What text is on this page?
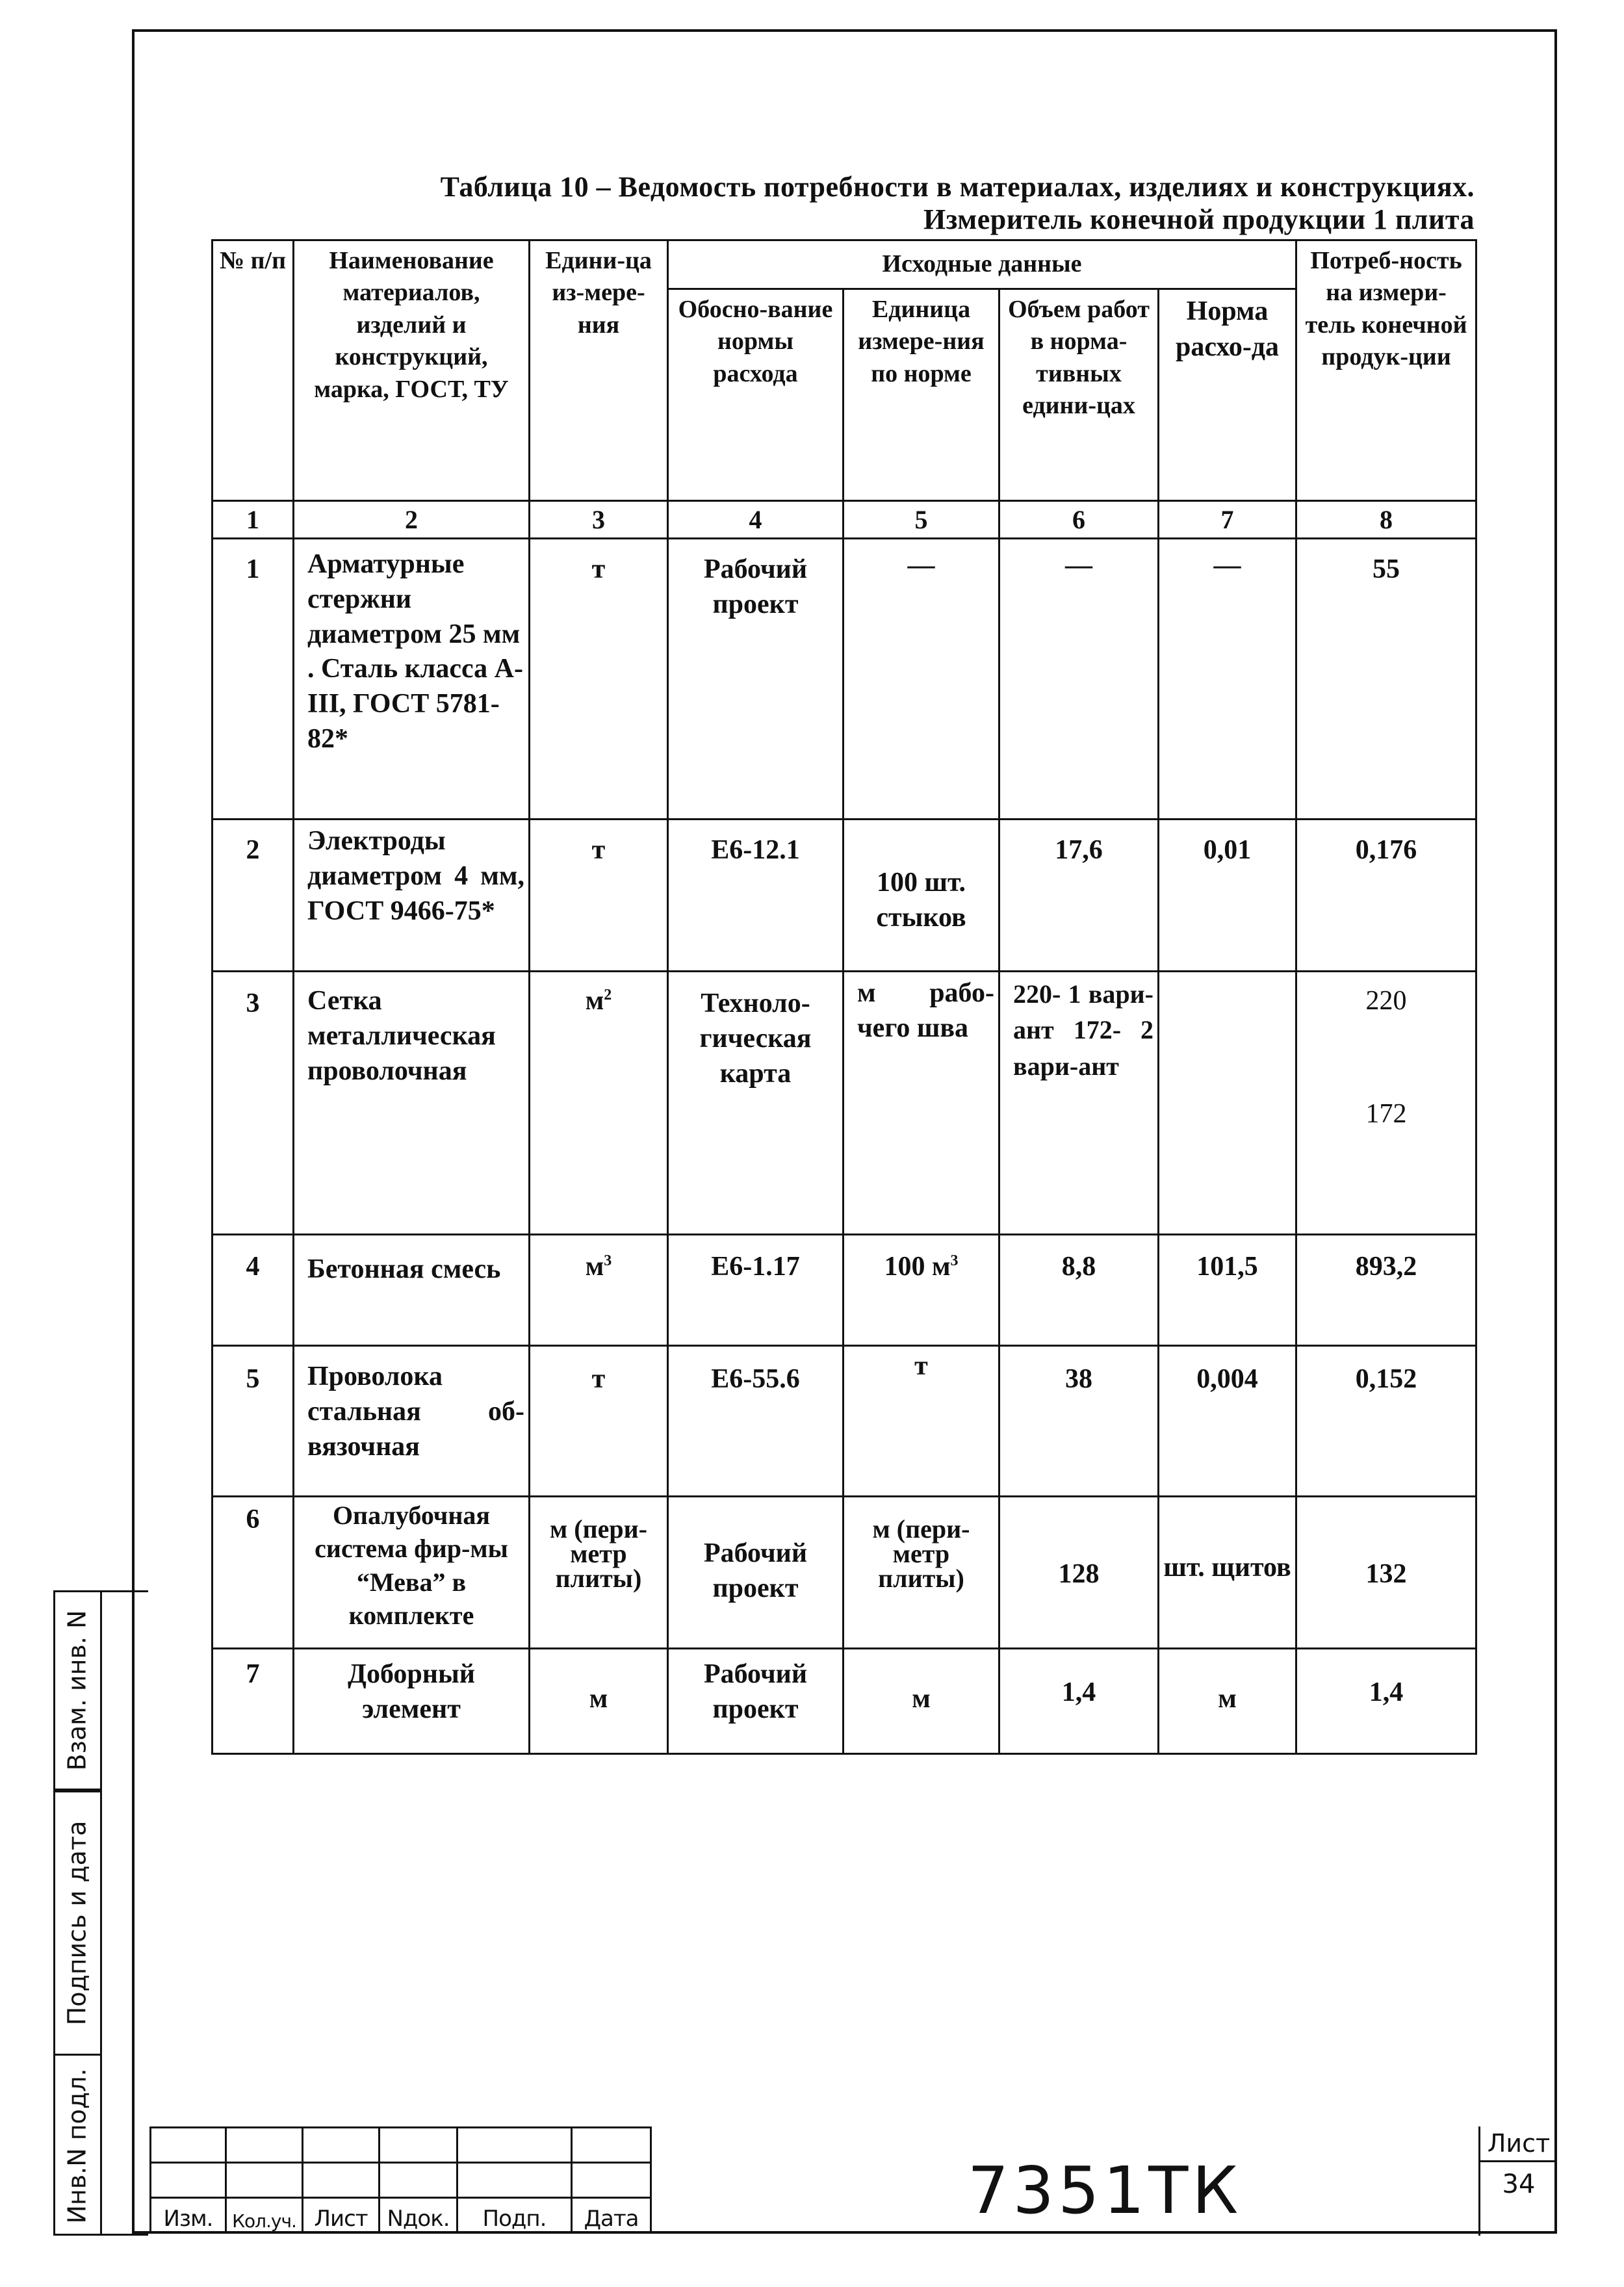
Таблица 10 – Ведомость потребности в материалах, изделиях и конструкциях.
Измеритель конечной продукции 1 плита
№ п/п	Наименование материалов, изделий и конструкций, марка, ГОСТ, ТУ	Едини-ца из-мере-ния	Исходные данные				Потреб-ность на измери-тель конечной продук-ции
			Обосно-вание нормы расхода	Единица измере-ния по норме	Объем работ в норма-тивных едини-цах	Норма расхо-да	
1	2	3	4	5	6	7	8
1	Арматурные стержни диаметром 25 мм . Сталь класса А-III, ГОСТ 5781-82*	т	Рабочий проект	—	—	—	55
2	Электроды диаметром 4 мм, ГОСТ 9466-75*	т	Е6-12.1	100 шт. стыков	17,6	0,01	0,176
3	Сетка металлическая проволочная	$м^2$	Техноло-гическая карта	м рабо-чего шва	220- 1 вари-ант 172- 2 вари-ант		220
172

4	Бетонная смесь	$м^3$	Е6-1.17	100 $м^3$	8,8	101,5	893,2
5	Проволока стальная об-вязочная	т	Е6-55.6	т	38	0,004	0,152
6	Опалубочная система фир-мы “Мева” в комплекте	м (пери-метр плиты)	Рабочий проект	м (пери-метр плиты)	128	шт. щитов	132
7	Доборный элемент	м	Рабочий проект	м	1,4	м	1,4
Взам. инв. N
Подпись и дата
Инв.N подл.

						Изм.	Кол.уч.	Лист	Nдок.	Подп.	Дата	7351ТК
Лист
34
